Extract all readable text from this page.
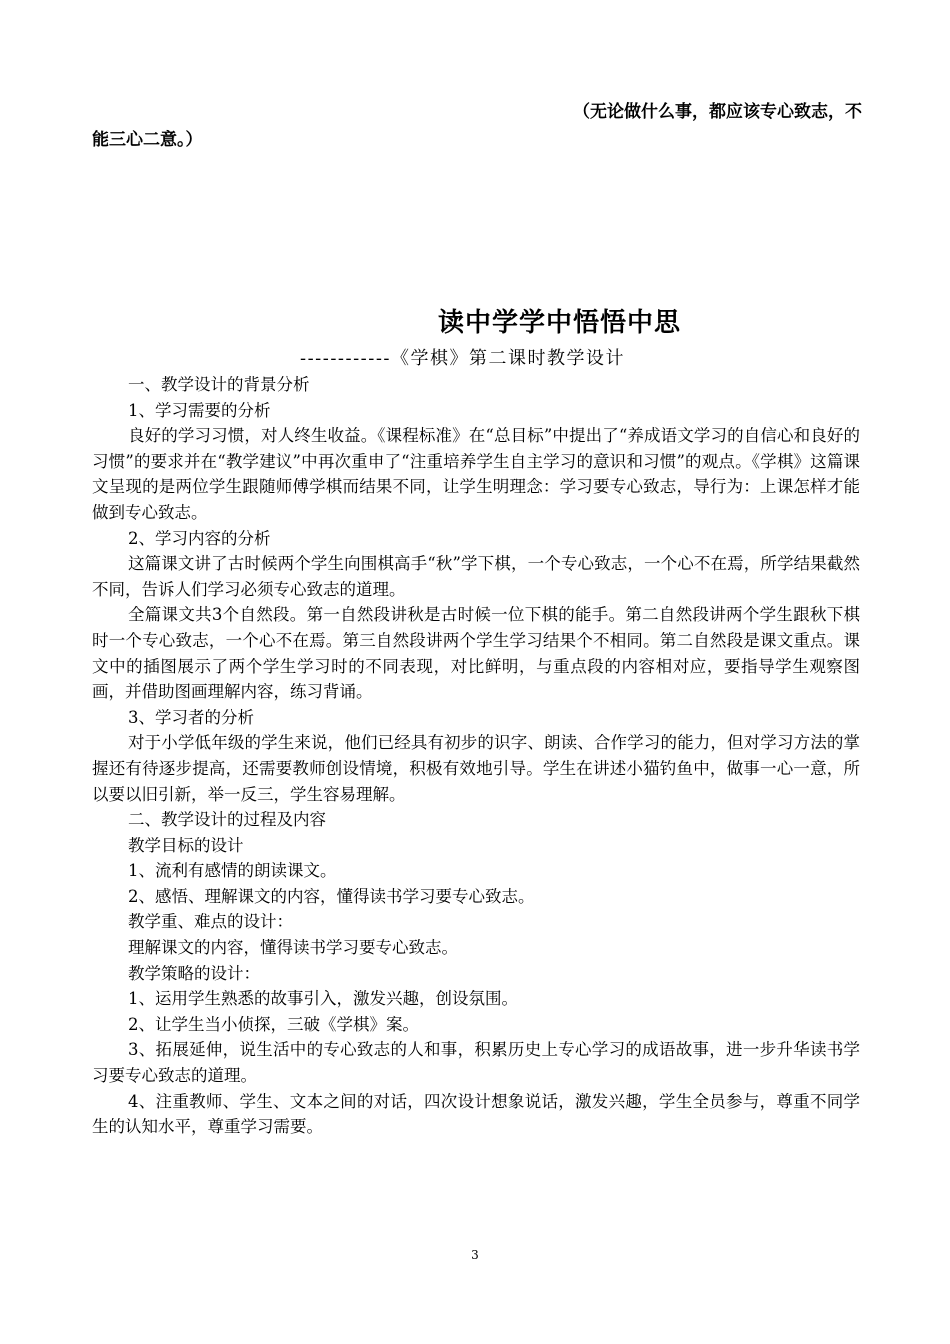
（无论做什么事，都应该专心致志，不
能三心二意。）
读中学学中悟悟中思
------------《学棋》第二课时教学设计

一、教学设计的背景分析

1、学习需要的分析

良好的学习习惯，对人终生收益。《课程标准》在“总目标”中提出了“养成语文学习的自信心和良好的习惯”的要求并在“教学建议”中再次重申了“注重培养学生自主学习的意识和习惯”的观点。《学棋》这篇课文呈现的是两位学生跟随师傅学棋而结果不同，让学生明理念：学习要专心致志，导行为：上课怎样才能做到专心致志。

2、学习内容的分析

这篇课文讲了古时候两个学生向围棋高手“秋”学下棋，一个专心致志，一个心不在焉，所学结果截然不同，告诉人们学习必须专心致志的道理。

全篇课文共3个自然段。第一自然段讲秋是古时候一位下棋的能手。第二自然段讲两个学生跟秋下棋时一个专心致志，一个心不在焉。第三自然段讲两个学生学习结果个不相同。第二自然段是课文重点。课文中的插图展示了两个学生学习时的不同表现，对比鲜明，与重点段的内容相对应，要指导学生观察图画，并借助图画理解内容，练习背诵。

3、学习者的分析

对于小学低年级的学生来说，他们已经具有初步的识字、朗读、合作学习的能力，但对学习方法的掌握还有待逐步提高，还需要教师创设情境，积极有效地引导。学生在讲述小猫钓鱼中，做事一心一意，所以要以旧引新，举一反三，学生容易理解。

二、教学设计的过程及内容

教学目标的设计

1、流利有感情的朗读课文。

2、感悟、理解课文的内容，懂得读书学习要专心致志。

教学重、难点的设计：

理解课文的内容，懂得读书学习要专心致志。

教学策略的设计：

1、运用学生熟悉的故事引入，激发兴趣，创设氛围。

2、让学生当小侦探，三破《学棋》案。

3、拓展延伸，说生活中的专心致志的人和事，积累历史上专心学习的成语故事，进一步升华读书学习要专心致志的道理。

4、注重教师、学生、文本之间的对话，四次设计想象说话，激发兴趣，学生全员参与，尊重不同学生的认知水平，尊重学习需要。

3
